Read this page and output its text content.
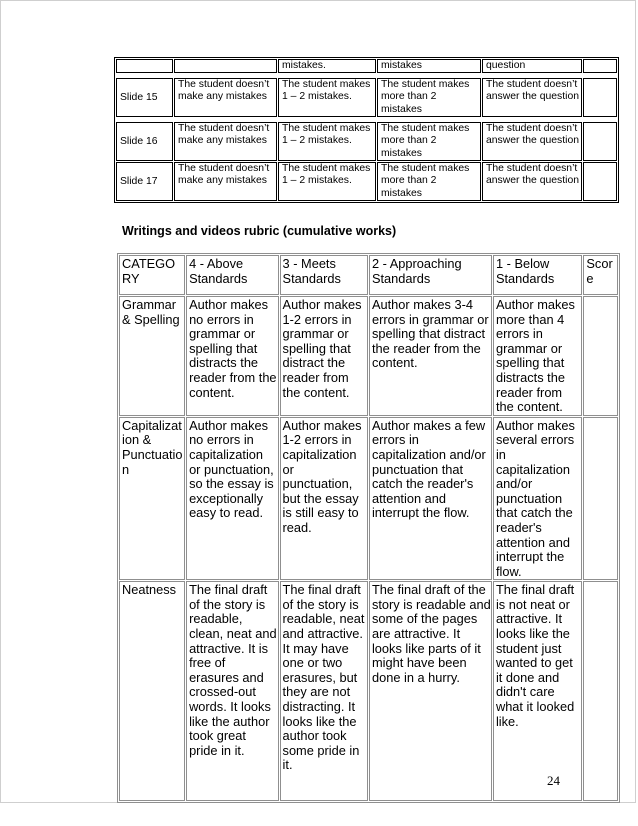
		mistakes.	mistakes	question	

Slide 15	The student doesn’t make any mistakes	The student makes 1 – 2 mistakes.	The student makes more than 2 mistakes	The student doesn’t answer the question	

Slide 16	The student doesn’t make any mistakes	The student makes 1 – 2 mistakes.	The student makes more than 2 mistakes	The student doesn’t answer the question	
Slide 17	The student doesn’t make any mistakes	The student makes 1 – 2 mistakes.	The student makes more than 2 mistakes	The student doesn’t answer the question	
Writings and videos rubric (cumulative works)
CATEGORY	4 - Above Standards	3 - Meets Standards	2 - Approaching Standards	1 - Below Standards	Score
Grammar & Spelling	Author makes no errors in grammar or spelling that distracts the reader from the content.	Author makes 1-2 errors in grammar or spelling that distract the reader from the content.	Author makes 3-4 errors in grammar or spelling that distract the reader from the content.	Author makes more than 4 errors in grammar or spelling that distracts the reader from the content.	
Capitalization & Punctuation	Author makes no errors in capitalization or punctuation, so the essay is exceptionally easy to read.	Author makes 1-2 errors in capitalization or punctuation, but the essay is still easy to read.	Author makes a few errors in capitalization and/or punctuation that catch the reader's attention and interrupt the flow.	Author makes several errors in capitalization and/or punctuation that catch the reader's attention and interrupt the flow.	
Neatness	The final draft of the story is readable, clean, neat and attractive. It is free of erasures and crossed-out words. It looks like the author took great pride in it.	The final draft of the story is readable, neat and attractive. It may have one or two erasures, but they are not distracting. It looks like the author took some pride in it.	The final draft of the story is readable and some of the pages are attractive. It looks like parts of it might have been done in a hurry.	The final draft is not neat or attractive. It looks like the student just wanted to get it done and didn't care what it looked like.	
24
